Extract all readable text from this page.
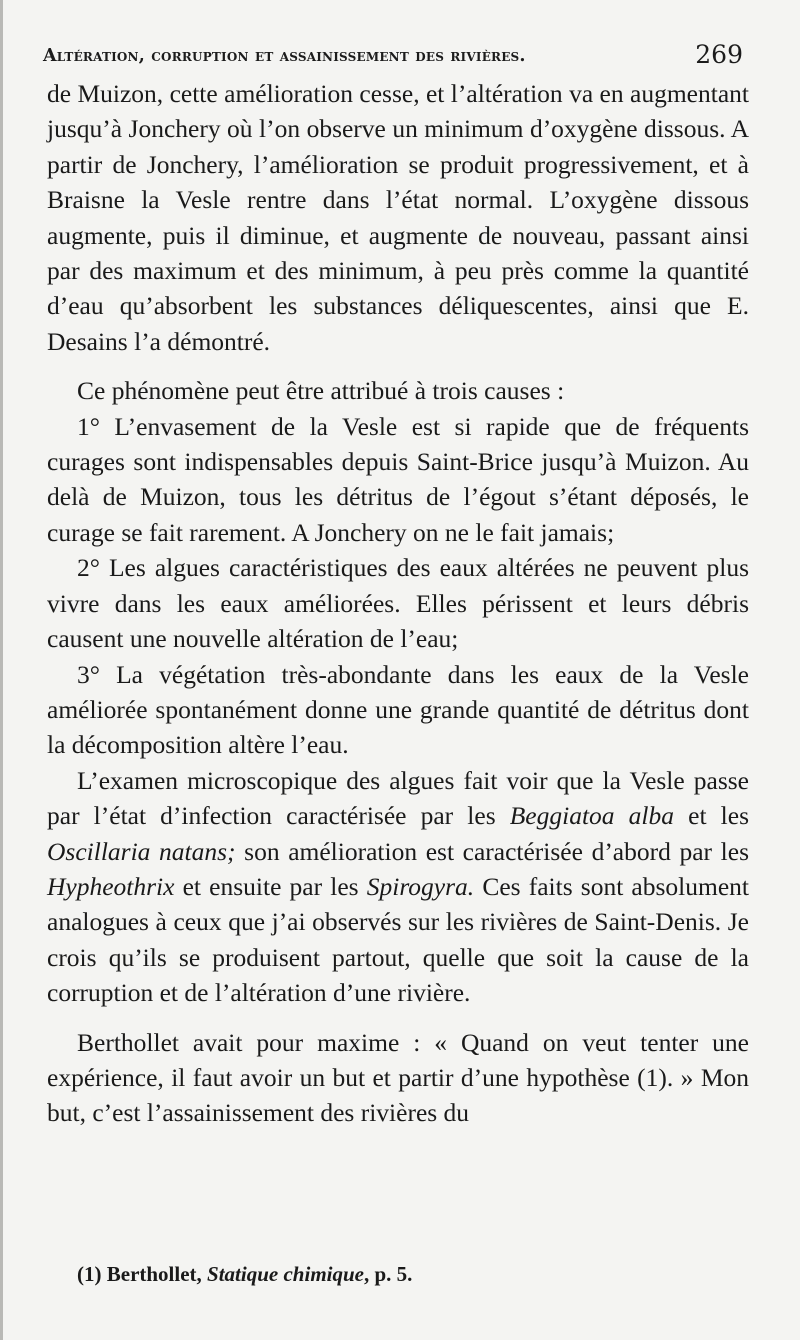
Altération, corruption et assainissement des rivières.	269

de Muizon, cette amélioration cesse, et l’altération va en augmentant jusqu’à Jonchery où l’on observe un minimum d’oxygène dissous. A partir de Jonchery, l’amélioration se produit progressivement, et à Braisne la Vesle rentre dans l’état normal. L’oxygène dissous augmente, puis il diminue, et augmente de nouveau, passant ainsi par des maximum et des minimum, à peu près comme la quantité d’eau qu’absorbent les substances déliquescentes, ainsi que E. Desains l’a démontré.

Ce phénomène peut être attribué à trois causes :

1° L’envasement de la Vesle est si rapide que de fréquents curages sont indispensables depuis Saint-Brice jusqu’à Muizon. Au delà de Muizon, tous les détritus de l’égout s’étant déposés, le curage se fait rarement. A Jonchery on ne le fait jamais;

2° Les algues caractéristiques des eaux altérées ne peuvent plus vivre dans les eaux améliorées. Elles périssent et leurs débris causent une nouvelle altération de l’eau;

3° La végétation très-abondante dans les eaux de la Vesle améliorée spontanément donne une grande quantité de détritus dont la décomposition altère l’eau.

L’examen microscopique des algues fait voir que la Vesle passe par l’état d’infection caractérisée par les Beggiatoa alba et les Oscillaria natans; son amélioration est caractérisée d’abord par les Hypheothrix et ensuite par les Spirogyra. Ces faits sont absolument analogues à ceux que j’ai observés sur les rivières de Saint-Denis. Je crois qu’ils se produisent partout, quelle que soit la cause de la corruption et de l’altération d’une rivière.

Berthollet avait pour maxime : « Quand on veut tenter une expérience, il faut avoir un but et partir d’une hypothèse (1). » Mon but, c’est l’assainissement des rivières du

(1) Berthollet, Statique chimique, p. 5.
